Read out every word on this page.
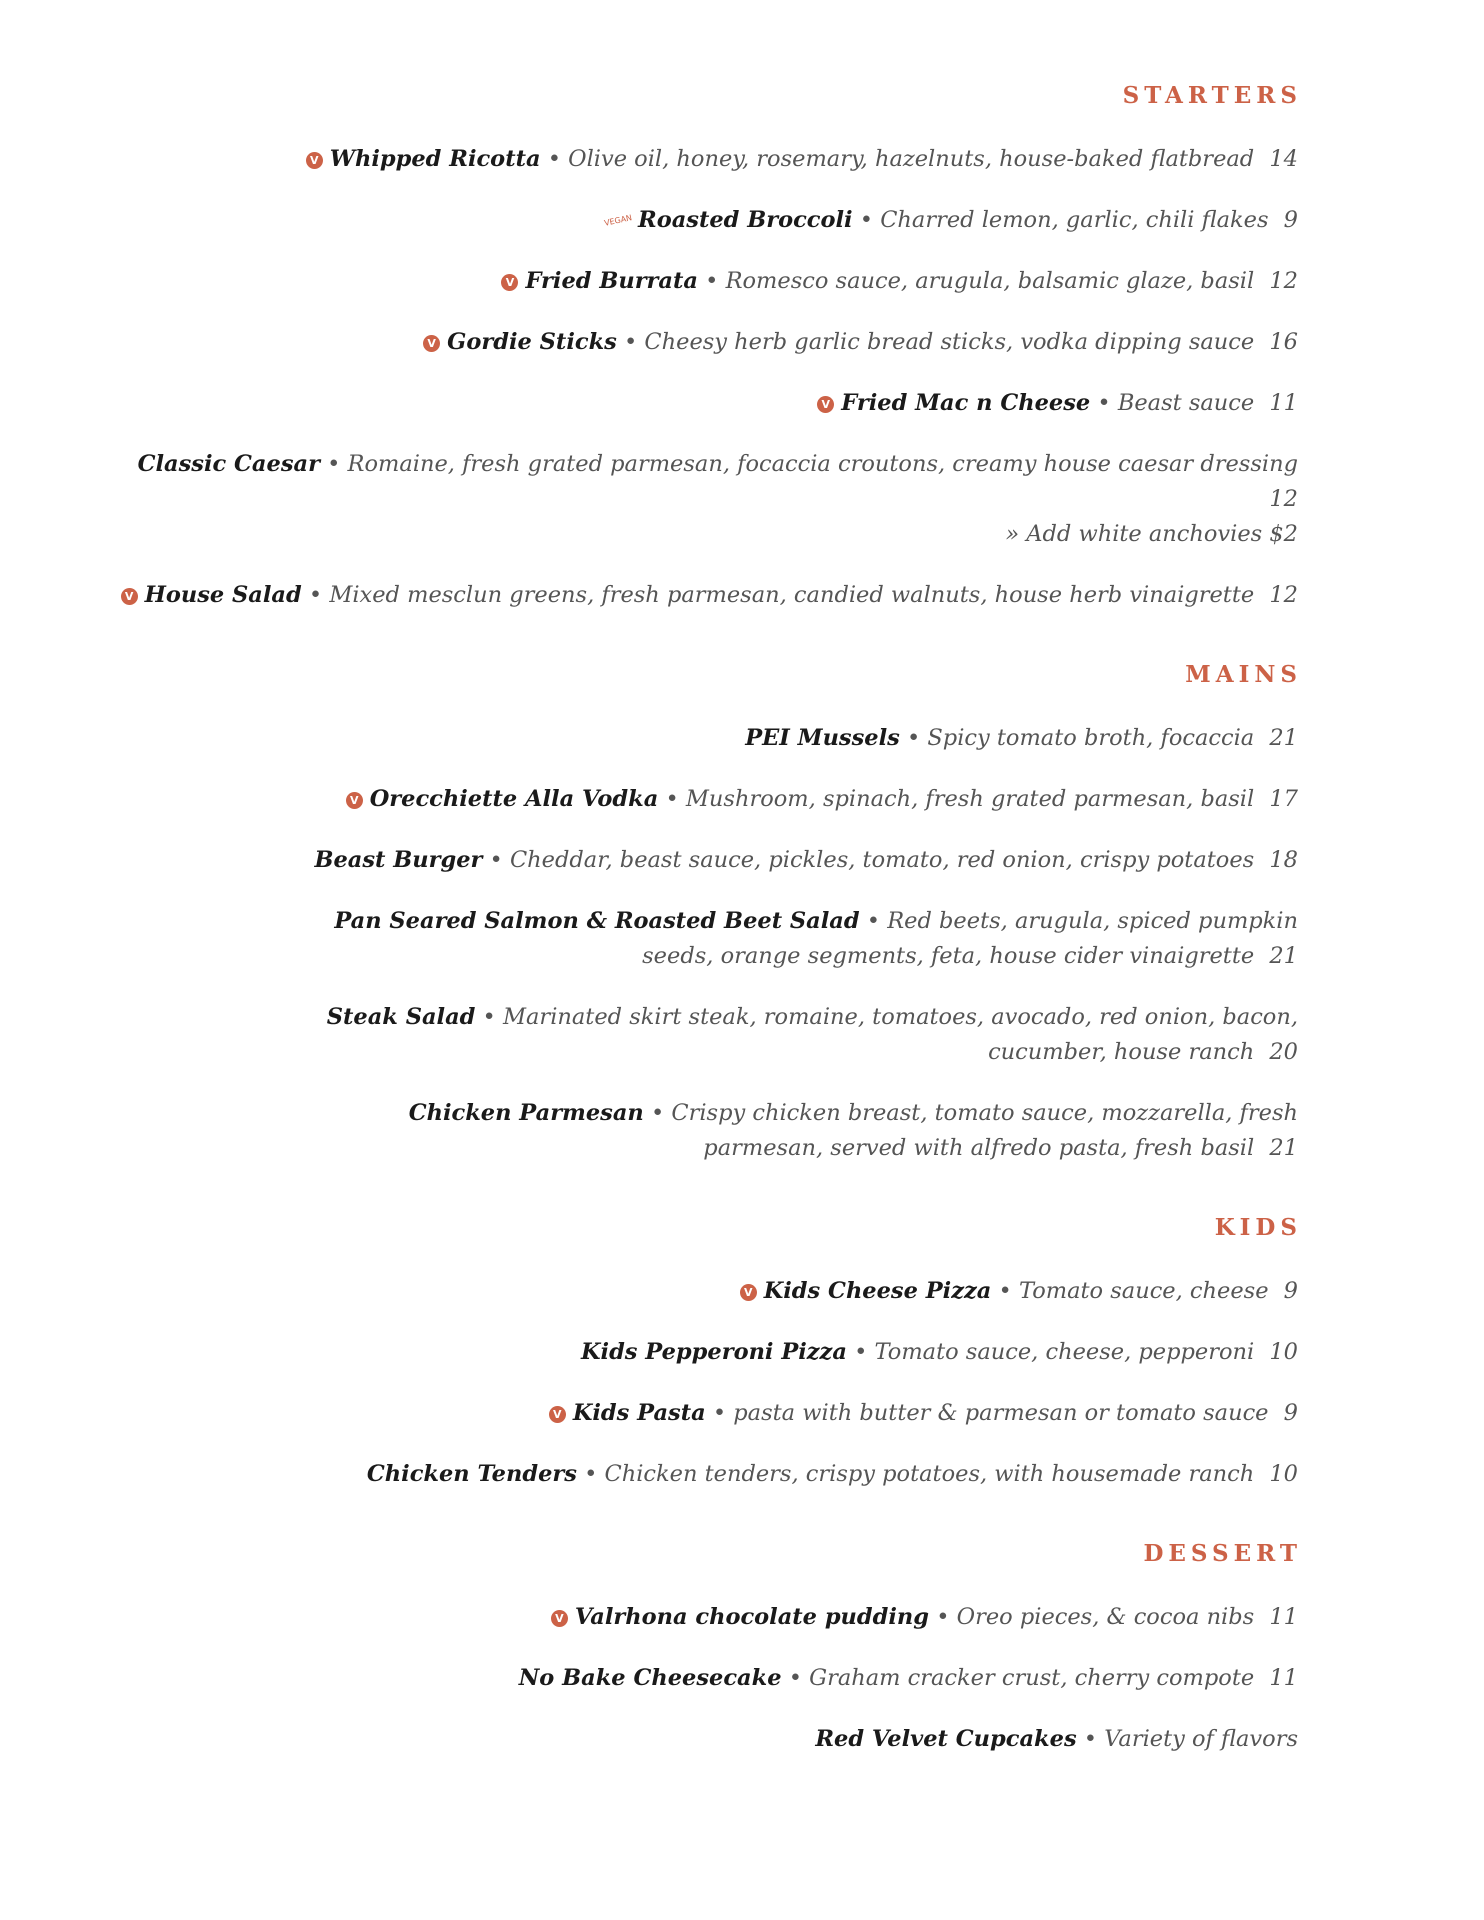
STARTERS
V Whipped Ricotta • Olive oil, honey, rosemary, hazelnuts, house-baked flatbread 14
VEGAN Roasted Broccoli • Charred lemon, garlic, chili flakes 9
V Fried Burrata • Romesco sauce, arugula, balsamic glaze, basil 12
V Gordie Sticks • Cheesy herb garlic bread sticks, vodka dipping sauce 16
V Fried Mac n Cheese • Beast sauce 11
Classic Caesar • Romaine, fresh grated parmesan, focaccia croutons, creamy house caesar dressing 12
» Add white anchovies $2
V House Salad • Mixed mesclun greens, fresh parmesan, candied walnuts, house herb vinaigrette 12
MAINS
PEI Mussels • Spicy tomato broth, focaccia 21
V Orecchiette Alla Vodka • Mushroom, spinach, fresh grated parmesan, basil 17
Beast Burger • Cheddar, beast sauce, pickles, tomato, red onion, crispy potatoes 18
Pan Seared Salmon & Roasted Beet Salad • Red beets, arugula, spiced pumpkin
seeds, orange segments, feta, house cider vinaigrette 21
Steak Salad • Marinated skirt steak, romaine, tomatoes, avocado, red onion, bacon,
cucumber, house ranch 20
Chicken Parmesan • Crispy chicken breast, tomato sauce, mozzarella, fresh
parmesan, served with alfredo pasta, fresh basil 21
KIDS
V Kids Cheese Pizza • Tomato sauce, cheese 9
Kids Pepperoni Pizza • Tomato sauce, cheese, pepperoni 10
V Kids Pasta • pasta with butter & parmesan or tomato sauce 9
Chicken Tenders • Chicken tenders, crispy potatoes, with housemade ranch 10
DESSERT
V Valrhona chocolate pudding • Oreo pieces, & cocoa nibs 11
No Bake Cheesecake • Graham cracker crust, cherry compote 11
Red Velvet Cupcakes • Variety of flavors
